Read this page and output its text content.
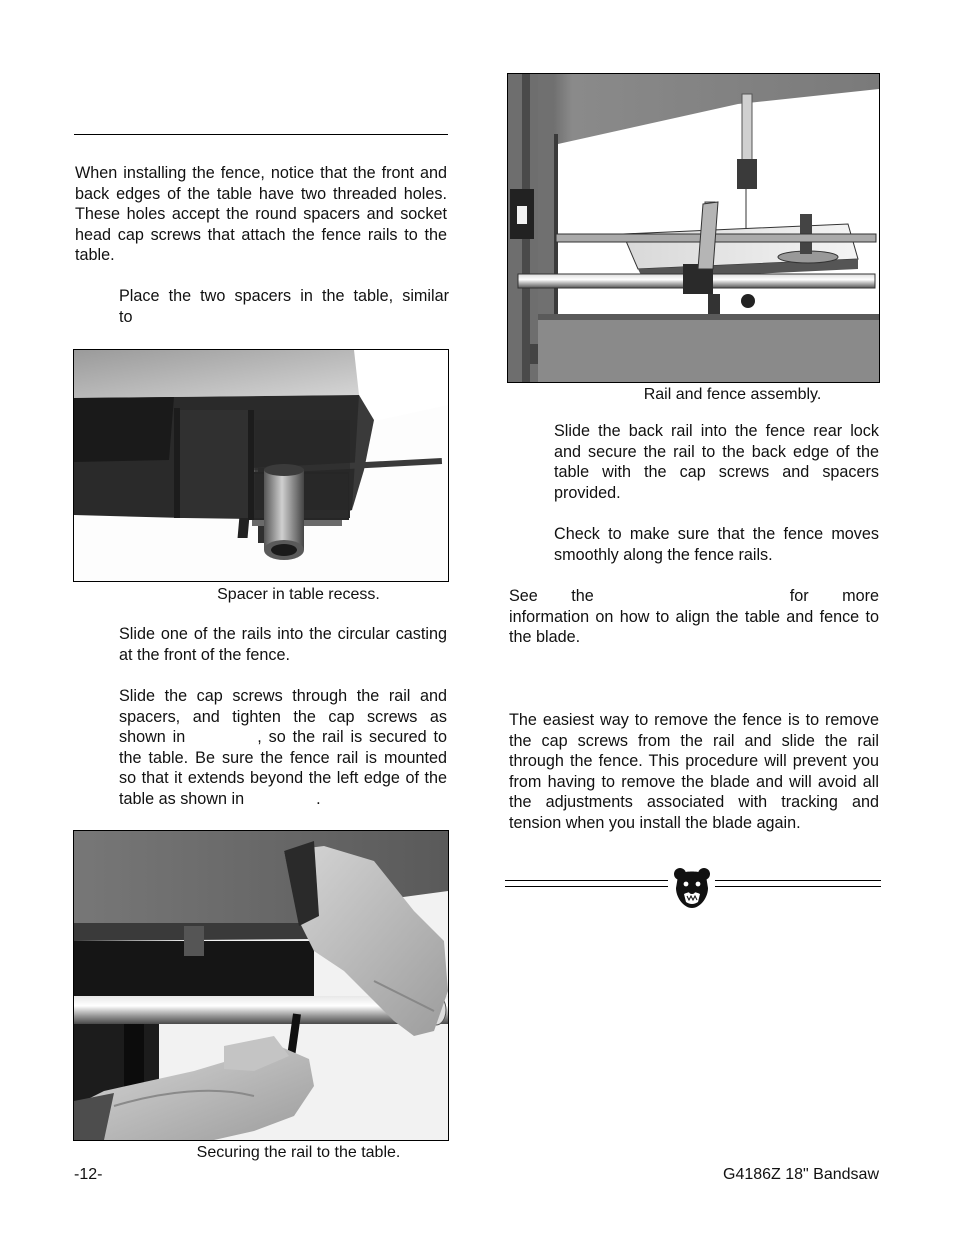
When installing the fence, notice that the front and back edges of the table have two threaded holes. These holes accept the round spacers and socket head cap screws that attach the fence rails to the table.
Place the two spacers in the table, similar
to
Spacer in table recess.
Slide one of the rails into the circular casting at the front of the fence.
Slide the cap screws through the rail and spacers, and tighten the cap screws as shown in	, so the rail is secured to the table. Be sure the fence rail is mounted so that it extends beyond the left edge of the table as shown in	.
Securing the rail to the table.
Rail and fence assembly.
Slide the back rail into the fence rear lock and secure the rail to the back edge of the table with the cap screws and spacers provided.
Check to make sure that the fence moves smoothly along the fence rails.
See the	for more information on how to align the table and fence to the blade.
The easiest way to remove the fence is to remove the cap screws from the rail and slide the rail through the fence. This procedure will prevent you from having to remove the blade and will avoid all the adjustments associated with tracking and tension when you install the blade again.
-12-	G4186Z 18" Bandsaw
